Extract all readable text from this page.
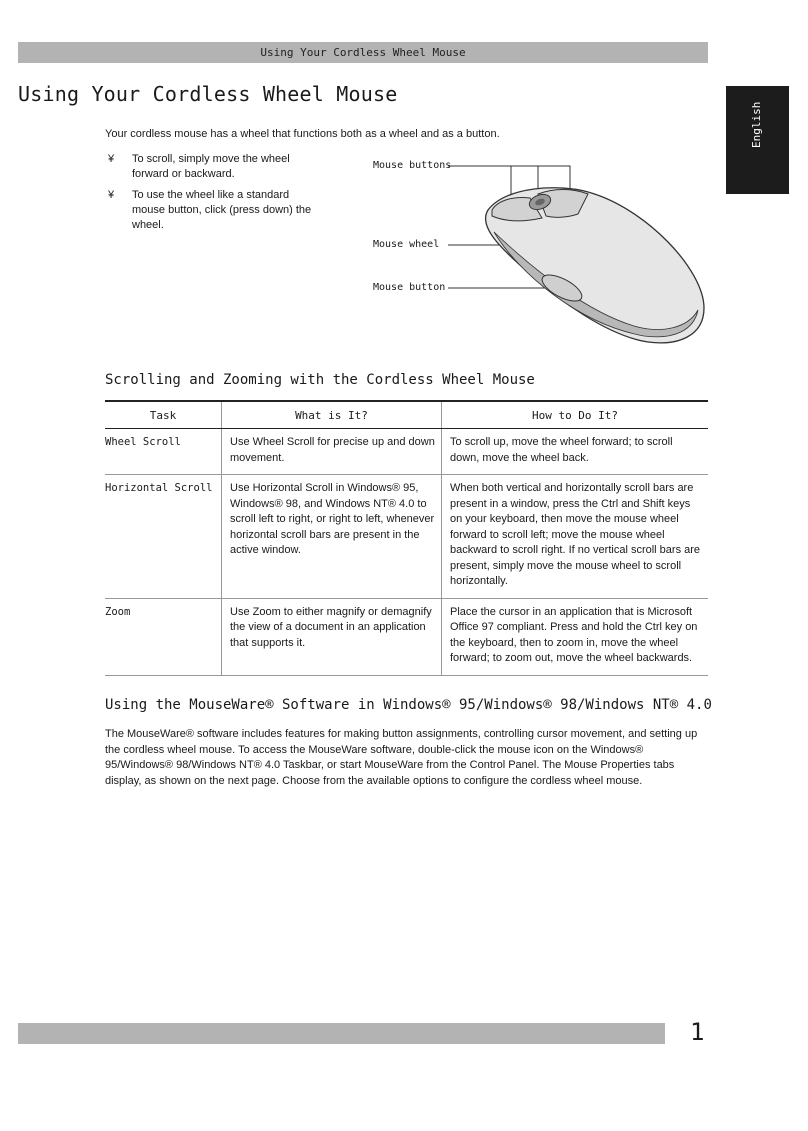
Using Your Cordless Wheel Mouse
Using Your Cordless Wheel Mouse
English
Your cordless mouse has a wheel that functions both as a wheel and as a button.
¥	To scroll, simply move the wheel forward or backward.
¥	To use the wheel like a standard mouse button, click (press down) the wheel.
Mouse buttons
Mouse wheel
Mouse button
Scrolling and Zooming with the Cordless Wheel Mouse
Task	What is It?	How to Do It?
Wheel Scroll	Use Wheel Scroll for precise up and down movement.	To scroll up, move the wheel forward; to scroll down, move the wheel back.
Horizontal Scroll	Use Horizontal Scroll in Windows® 95, Windows® 98, and Windows NT® 4.0 to scroll left to right, or right to left, whenever horizontal scroll bars are present in the active window.	When both vertical and horizontally scroll bars are present in a window, press the Ctrl and Shift keys on your keyboard, then move the mouse wheel forward to scroll left; move the mouse wheel backward to scroll right. If no vertical scroll bars are present, simply move the mouse wheel to scroll horizontally.
Zoom	Use Zoom to either magnify or demagnify the view of a document in an application that supports it.	Place the cursor in an application that is Microsoft Office 97 compliant. Press and hold the Ctrl key on the keyboard, then to zoom in, move the wheel forward; to zoom out, move the wheel backwards.
Using the MouseWare® Software in Windows® 95/Windows® 98/Windows NT® 4.0

The MouseWare® software includes features for making button assignments, controlling cursor movement, and setting up the cordless wheel mouse. To access the MouseWare software, double-click the mouse icon on the Windows® 95/Windows® 98/Windows NT® 4.0 Taskbar, or start MouseWare from the Control Panel. The Mouse Properties tabs display, as shown on the next page. Choose from the available options to configure the cordless wheel mouse.

1
